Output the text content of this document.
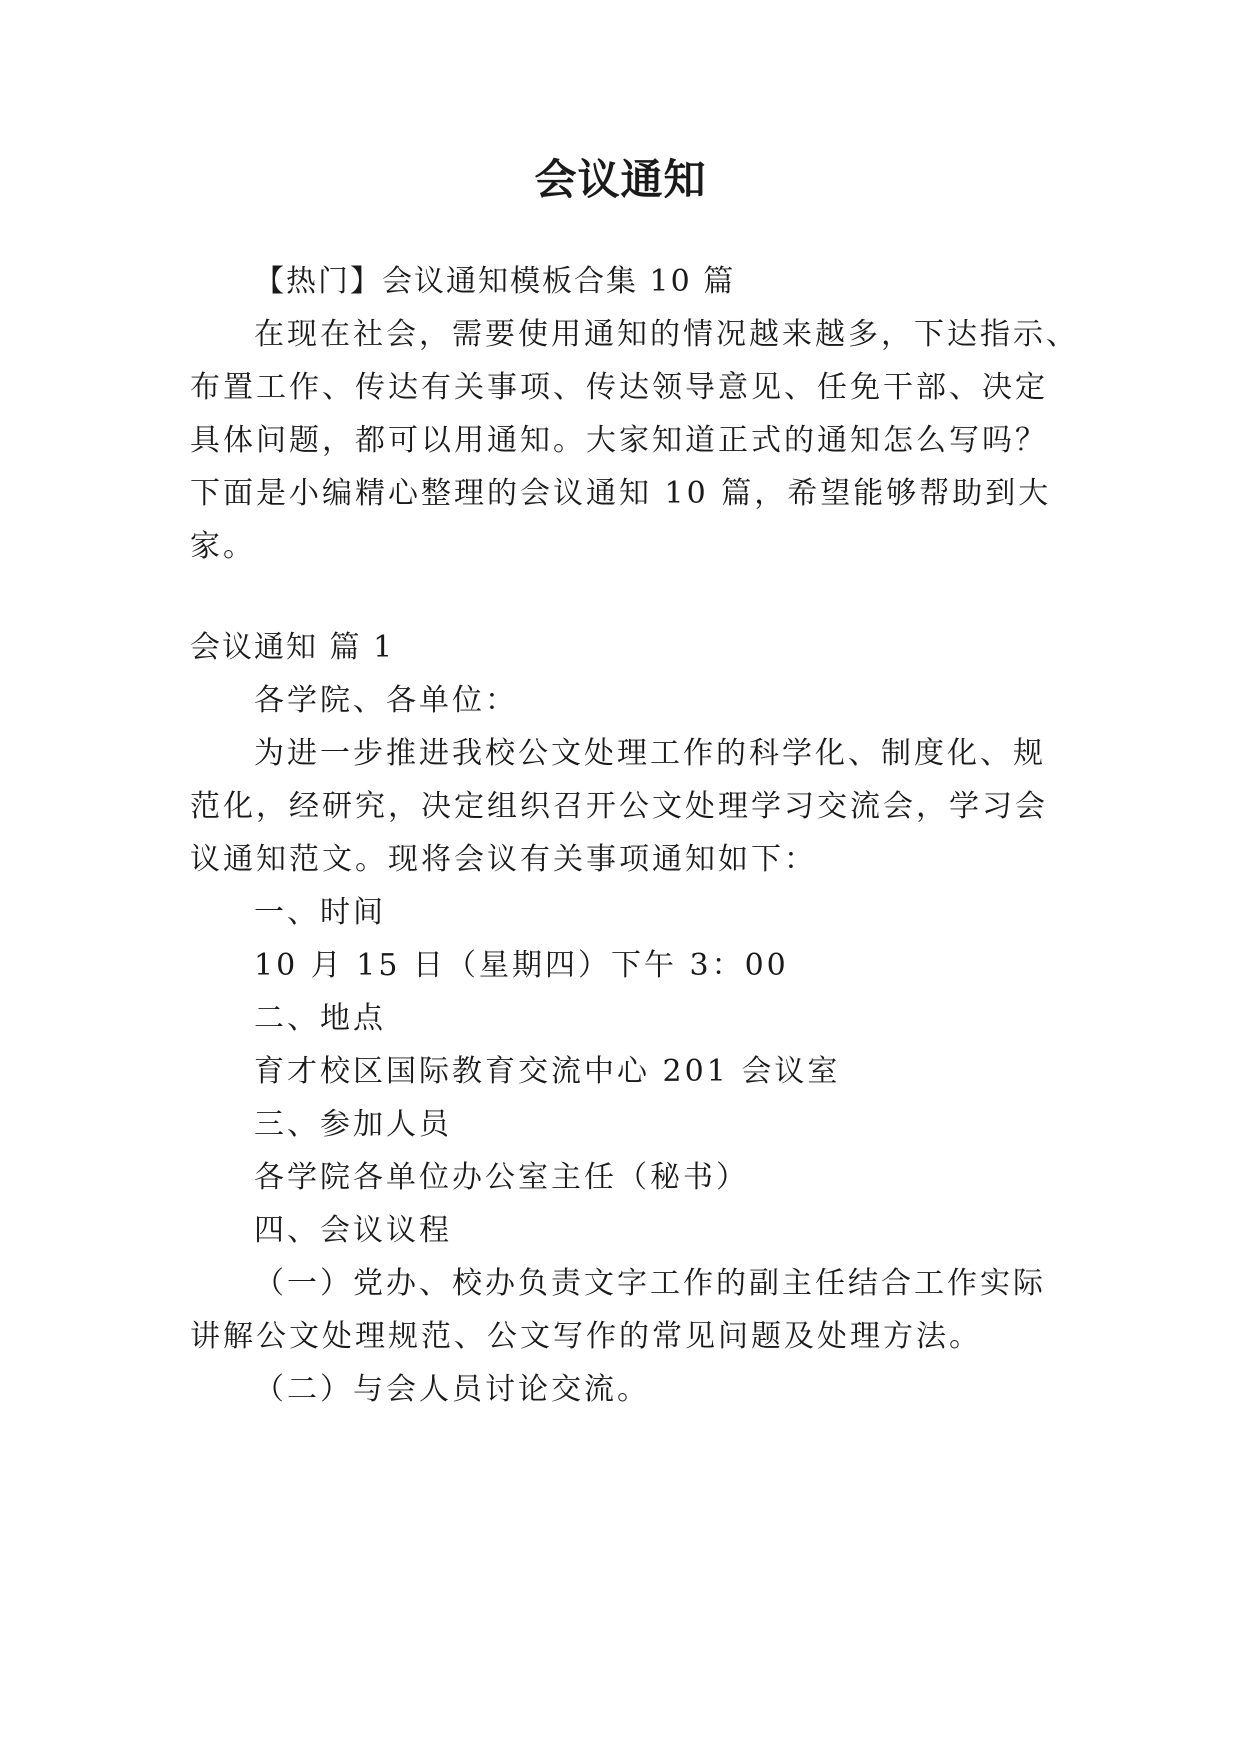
会议通知
【热门】会议通知模板合集 10 篇
在现在社会，需要使用通知的情况越来越多，下达指示、
布置工作、传达有关事项、传达领导意见、任免干部、决定
具体问题，都可以用通知。大家知道正式的通知怎么写吗？
下面是小编精心整理的会议通知 10 篇，希望能够帮助到大
家。
会议通知 篇 1
各学院、各单位：
为进一步推进我校公文处理工作的科学化、制度化、规
范化，经研究，决定组织召开公文处理学习交流会，学习会
议通知范文。现将会议有关事项通知如下：
一、时间
10 月 15 日（星期四）下午 3：00
二、地点
育才校区国际教育交流中心 201 会议室
三、参加人员
各学院各单位办公室主任（秘书）
四、会议议程
（一）党办、校办负责文字工作的副主任结合工作实际
讲解公文处理规范、公文写作的常见问题及处理方法。
（二）与会人员讨论交流。
